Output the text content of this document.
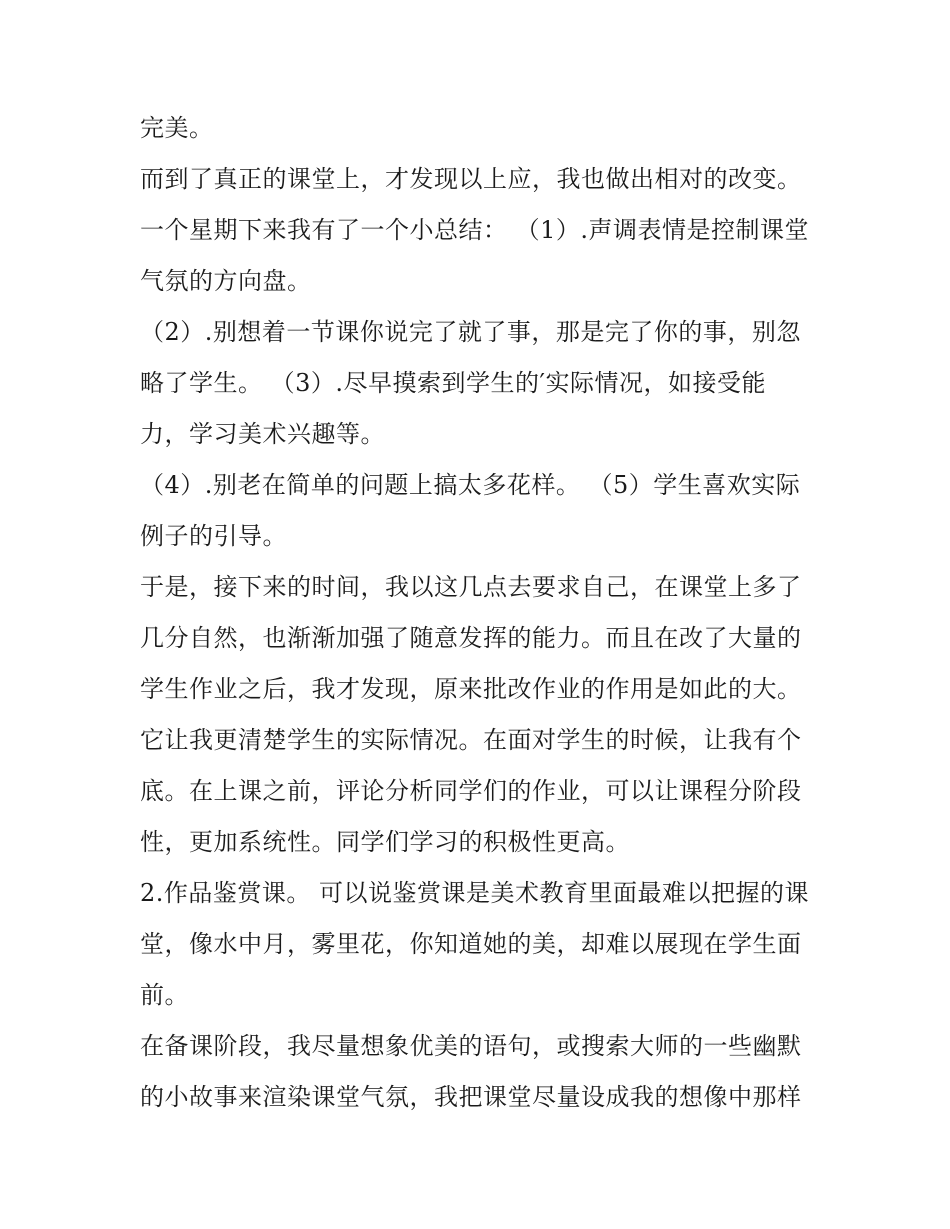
完美。

而到了真正的课堂上，才发现以上应，我也做出相对的改变。

一个星期下来我有了一个小总结： （1）.声调表情是控制课堂

气氛的方向盘。

（2）.别想着一节课你说完了就了事，那是完了你的事，别忽

略了学生。 （3）.尽早摸索到学生的′实际情况，如接受能

力，学习美术兴趣等。

（4）.别老在简单的问题上搞太多花样。 （5）学生喜欢实际

例子的引导。

于是，接下来的时间，我以这几点去要求自己，在课堂上多了

几分自然，也渐渐加强了随意发挥的能力。而且在改了大量的

学生作业之后，我才发现，原来批改作业的作用是如此的大。

它让我更清楚学生的实际情况。在面对学生的时候，让我有个

底。在上课之前，评论分析同学们的作业，可以让课程分阶段

性，更加系统性。同学们学习的积极性更高。

2.作品鉴赏课。 可以说鉴赏课是美术教育里面最难以把握的课

堂，像水中月，雾里花，你知道她的美，却难以展现在学生面

前。

在备课阶段，我尽量想象优美的语句，或搜索大师的一些幽默

的小故事来渲染课堂气氛，我把课堂尽量设成我的想像中那样
